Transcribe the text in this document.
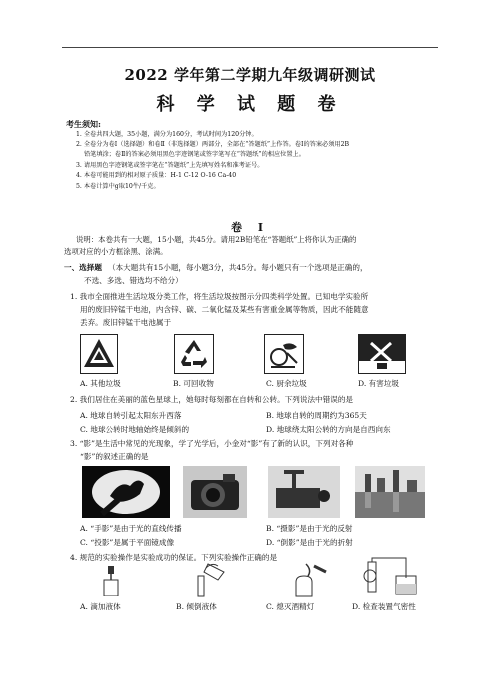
2022 学年第二学期九年级调研测试
科 学 试 题 卷
考生须知:
1. 全卷共四大题，35小题，满分为160分，考试时间为120分钟。
2. 全卷分为卷Ⅰ（选择题）和卷Ⅱ（非选择题）两部分，全部在“答题纸”上作答。卷Ⅰ的答案必须用2B
铅笔填涂；卷Ⅱ的答案必须用黑色字迹钢笔或签字笔写在“答题纸”的相应位置上。
3. 请用黑色字迹钢笔或签字笔在“答题纸”上先填写姓名和准考证号。
4. 本卷可能用到的相对原子质量：H-1 C-12 O-16 Ca-40
5. 本卷计算中g取10牛/千克。
卷 Ⅰ
说明：本卷共有一大题，15小题，共45分。请用2B铅笔在“答题纸”上将你认为正确的
选项对应的小方框涂黑、涂满。
一、选择题 （本大题共有15小题，每小题3分，共45分。每小题只有一个选项是正确的，
不选、多选、错选均不给分）
1. 我市全面推进生活垃圾分类工作，将生活垃圾按图示分四类科学处置。已知电学实验所
用的废旧锌锰干电池，内含锌、碳、二氧化锰及某些有害重金属等物质，因此不能随意
丢弃。废旧锌锰干电池属于
A. 其他垃圾	B. 可回收物	C. 厨余垃圾	D. 有害垃圾
2. 我们居住在美丽的蓝色星球上，她每时每刻都在自转和公转。下列说法中错误的是
A. 地球自转引起太阳东升西落	B. 地球自转的周期约为365天
C. 地球公转时地轴始终是倾斜的	D. 地球绕太阳公转的方向是自西向东
3. “影”是生活中常见的光现象，学了光学后，小金对“影”有了新的认识，下列对各种
“影”的叙述正确的是
A. “手影”是由于光的直线传播	B. “摄影”是由于光的反射
C. “投影”是属于平面镜成像	D. “倒影”是由于光的折射
4. 规范的实验操作是实验成功的保证。下列实验操作正确的是
A. 滴加液体	B. 倾倒液体	C. 熄灭酒精灯	D. 检查装置气密性
